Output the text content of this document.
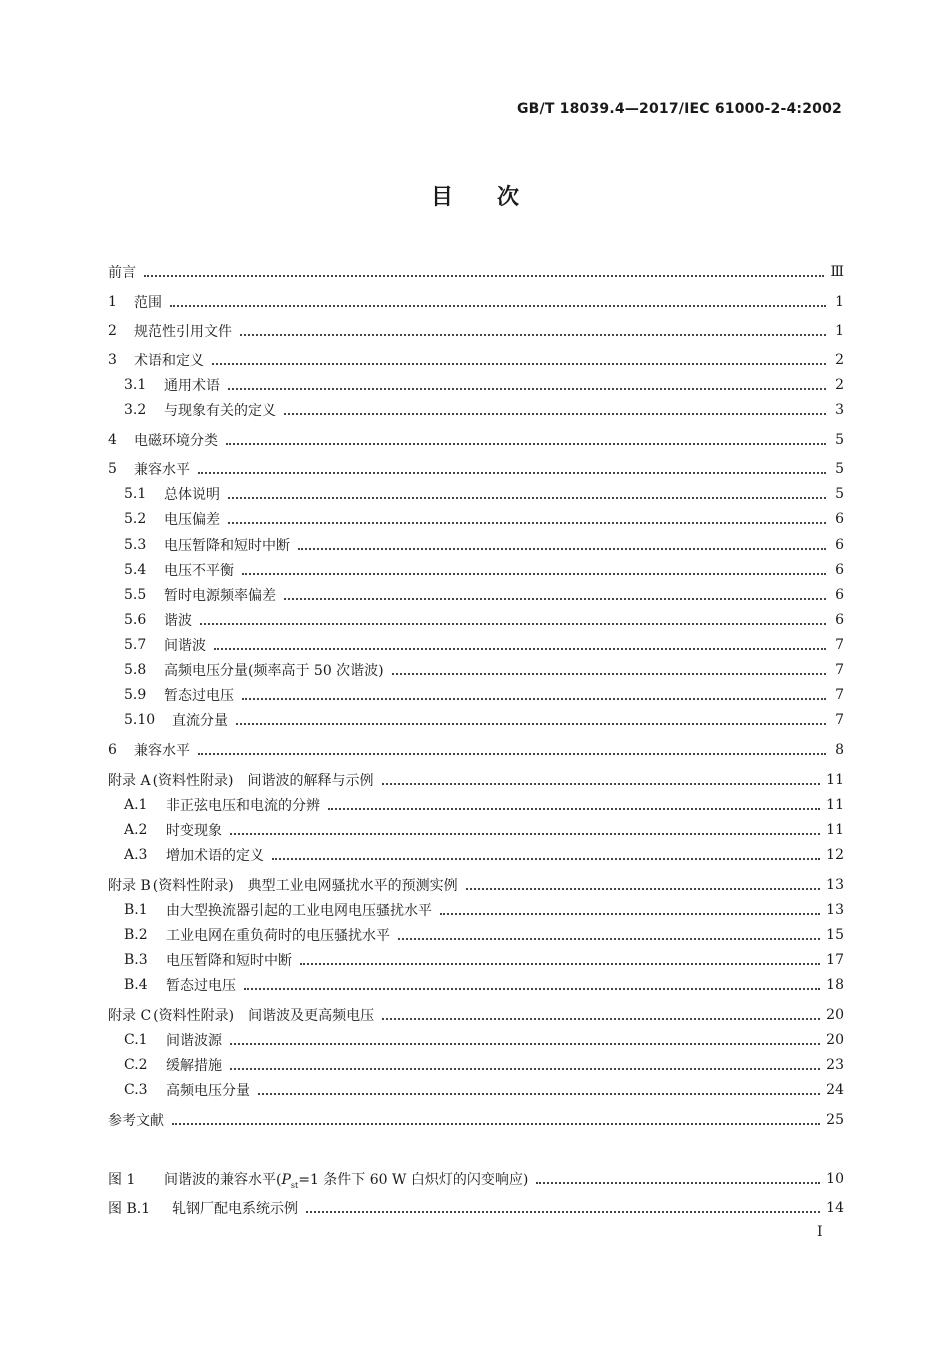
GB/T 18039.4—2017/IEC 61000-2-4:2002
目　　次
前言	Ⅲ
1	范围	1
2	规范性引用文件	1
3	术语和定义	2
3.1	通用术语	2
3.2	与现象有关的定义	3
4	电磁环境分类	5
5	兼容水平	5
5.1	总体说明	5
5.2	电压偏差	6
5.3	电压暂降和短时中断	6
5.4	电压不平衡	6
5.5	暂时电源频率偏差	6
5.6	谐波	6
5.7	间谐波	7
5.8	高频电压分量(频率高于 50 次谐波)	7
5.9	暂态过电压	7
5.10	直流分量	7
6	兼容水平	8
附录 A (资料性附录)　间谐波的解释与示例	11
A.1	非正弦电压和电流的分辨	11
A.2	时变现象	11
A.3	增加术语的定义	12
附录 B (资料性附录)　典型工业电网骚扰水平的预测实例	13
B.1	由大型换流器引起的工业电网电压骚扰水平	13
B.2	工业电网在重负荷时的电压骚扰水平	15
B.3	电压暂降和短时中断	17
B.4	暂态过电压	18
附录 C (资料性附录)　间谐波及更高频电压	20
C.1	间谐波源	20
C.2	缓解措施	23
C.3	高频电压分量	24
参考文献	25
图 1	间谐波的兼容水平($P_{st}=1$ 条件下 60 W 白炽灯的闪变响应)	10
图 B.1	轧钢厂配电系统示例	14
I
